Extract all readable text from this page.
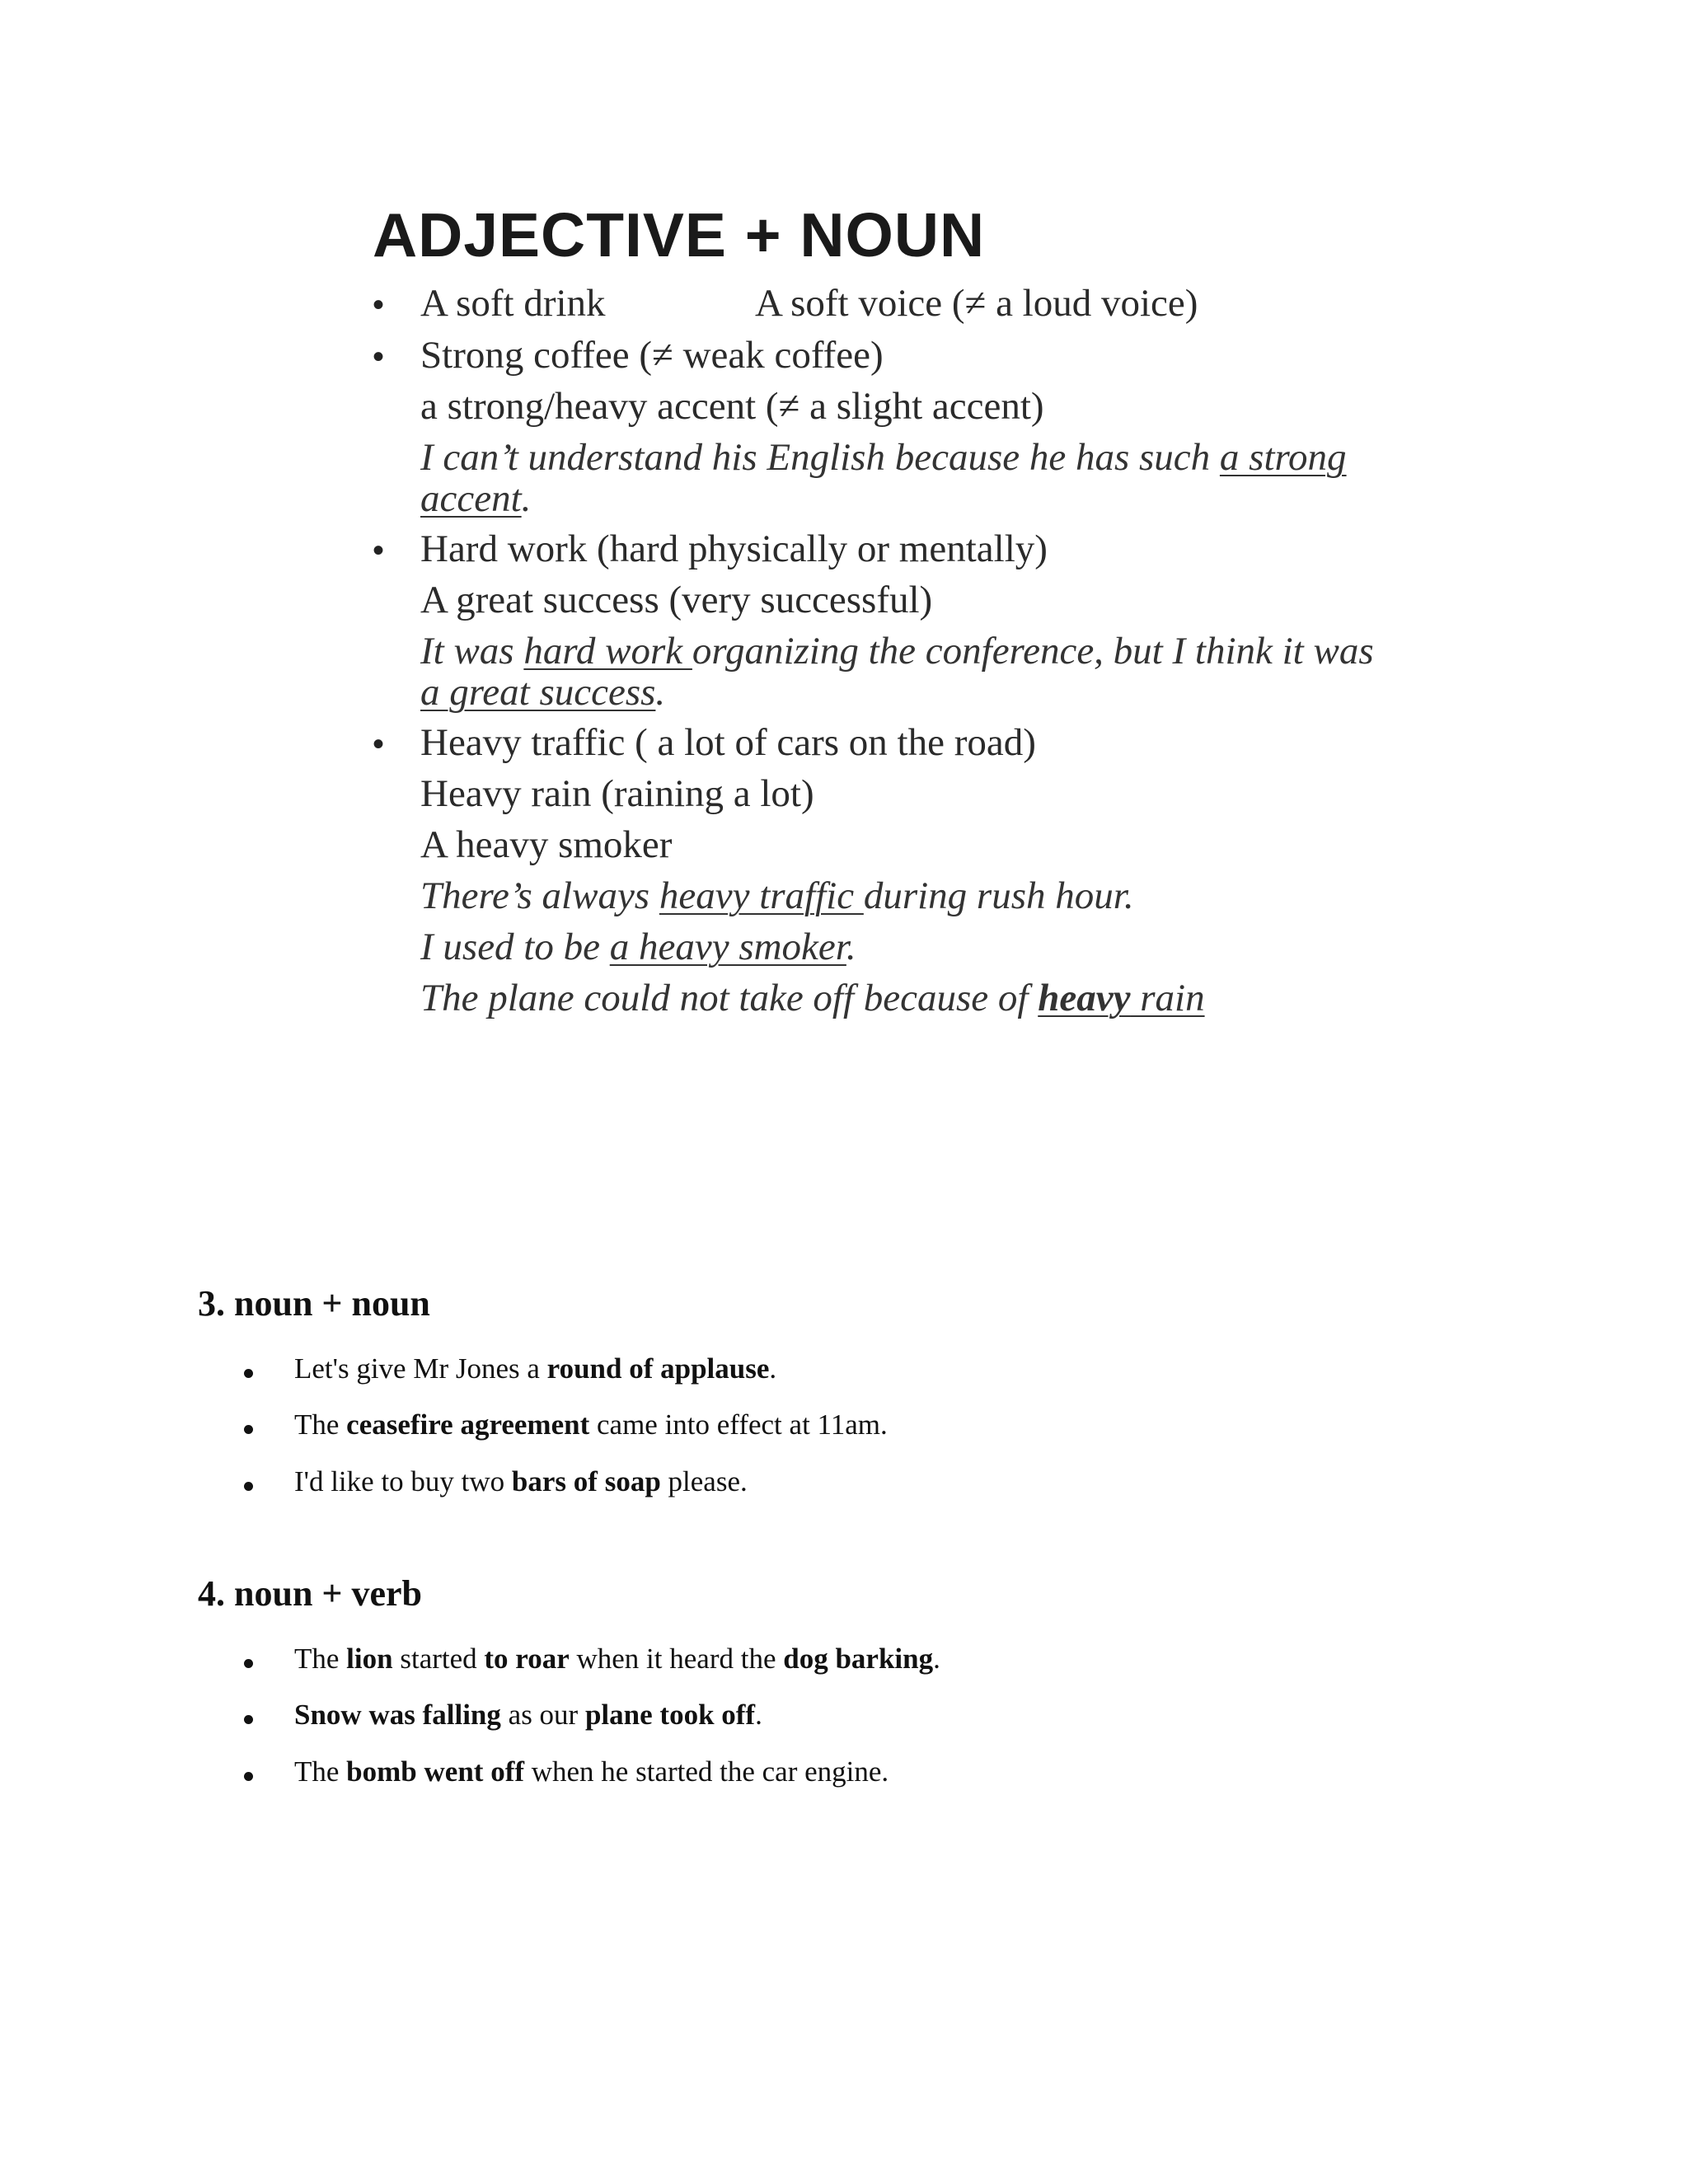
ADJECTIVE + NOUN
• A soft drink	A soft voice (≠ a loud voice)
• Strong coffee (≠ weak coffee)
a strong/heavy accent (≠ a slight accent)
I can’t understand his English because he has such a strong
accent.
• Hard work (hard physically or mentally)
A great success (very successful)
It was hard work organizing the conference, but I think it was
a great success.
• Heavy traffic ( a lot of cars on the road)
Heavy rain (raining a lot)
A heavy smoker
There’s always heavy traffic during rush hour.
I used to be a heavy smoker.
The plane could not take off because of heavy rain
3. noun + noun
Let's give Mr Jones a round of applause.
The ceasefire agreement came into effect at 11am.
I'd like to buy two bars of soap please.
4. noun + verb
The lion started to roar when it heard the dog barking.
Snow was falling as our plane took off.
The bomb went off when he started the car engine.
